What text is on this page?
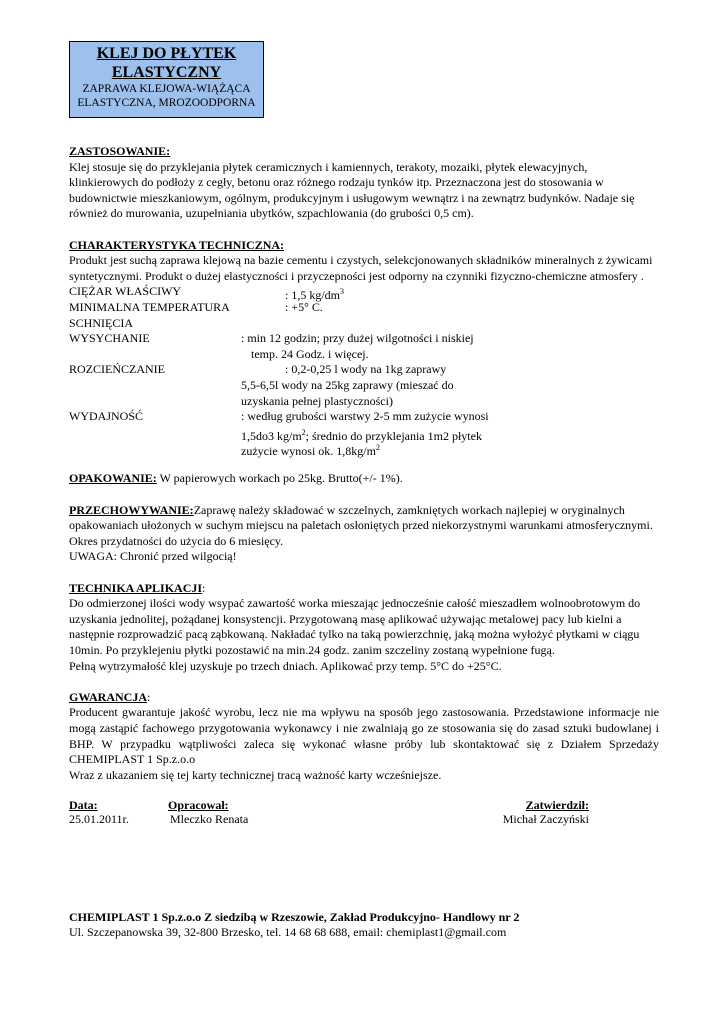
KLEJ DO PŁYTEK
ELASTYCZNY
ZAPRAWA KLEJOWA-WIĄŻĄCA
ELASTYCZNA, MROZOODPORNA

ZASTOSOWANIE:

Klej stosuje się do przyklejania płytek ceramicznych i kamiennych, terakoty, mozaiki, płytek elewacyjnych, klinkierowych do podłoży z cegły, betonu oraz różnego rodzaju tynków itp. Przeznaczona jest do stosowania w budownictwie mieszkaniowym, ogólnym, produkcyjnym i usługowym wewnątrz i na zewnątrz budynków. Nadaje się również do murowania, uzupełniania ubytków, szpachlowania (do grubości 0,5 cm).

CHARAKTERYSTYKA TECHNICZNA:

Produkt jest suchą zaprawa klejową na bazie cementu i czystych, selekcjonowanych składników mineralnych z żywicami syntetycznymi. Produkt o dużej elastyczności i przyczepności jest odporny na czynniki fizyczno-chemiczne atmosfery .

CIĘŻAR WŁAŚCIWY	: 1,5 $kg/dm^3$
MINIMALNA TEMPERATURA	: +5° C.
SCHNIĘCIA
WYSYCHANIE	: min 12 godzin; przy dużej wilgotności i niskiej
temp. 24 Godz. i więcej.
ROZCIEŃCZANIE	: 0,2-0,25 l wody na 1kg zaprawy
5,5-6,5l wody na 25kg zaprawy (mieszać do
uzyskania pełnej plastyczności)
WYDAJNOŚĆ	: według grubości warstwy 2-5 mm zużycie wynosi
1,5do3 $kg/m^2$; średnio do przyklejania 1m2 płytek
zużycie wynosi ok. $1,8kg/m^2$

OPAKOWANIE: W papierowych workach po 25kg. Brutto(+/- 1%).

PRZECHOWYWANIE:Zaprawę należy składować w szczelnych, zamkniętych workach najlepiej w oryginalnych opakowaniach ułożonych w suchym miejscu na paletach osłoniętych przed niekorzystnymi warunkami atmosferycznymi.

Okres przydatności do użycia do 6 miesięcy.

UWAGA: Chronić przed wilgocią!

TECHNIKA APLIKACJI:

Do odmierzonej ilości wody wsypać zawartość worka mieszając jednocześnie całość mieszadłem wolnoobrotowym do uzyskania jednolitej, pożądanej konsystencji. Przygotowaną masę aplikować używając metalowej pacy lub kielni a następnie rozprowadzić pacą ząbkowaną. Nakładać tylko na taką powierzchnię, jaką można wyłożyć płytkami w ciągu 10min. Po przyklejeniu płytki pozostawić na min.24 godz. zanim szczeliny zostaną wypełnione fugą.

Pełną wytrzymałość klej uzyskuje po trzech dniach. Aplikować przy temp. 5°C do +25°C.

GWARANCJA:

Producent gwarantuje jakość wyrobu, lecz nie ma wpływu na sposób jego zastosowania. Przedstawione informacje nie mogą zastąpić fachowego przygotowania wykonawcy i nie zwalniają go ze stosowania się do zasad sztuki budowlanej i BHP. W przypadku wątpliwości zaleca się wykonać własne próby lub skontaktować się z Działem Sprzedaży CHEMIPLAST 1 Sp.z.o.o

Wraz z ukazaniem się tej karty technicznej tracą ważność karty wcześniejsze.

Data:
25.01.2011r.
Opracował:
Mleczko Renata
Zatwierdził:
Michał Zaczyński
CHEMIPLAST 1 Sp.z.o.o Z siedzibą w Rzeszowie, Zakład Produkcyjno- Handlowy nr 2
Ul. Szczepanowska 39, 32-800 Brzesko, tel. 14 68 68 688, email: chemiplast1@gmail.com
